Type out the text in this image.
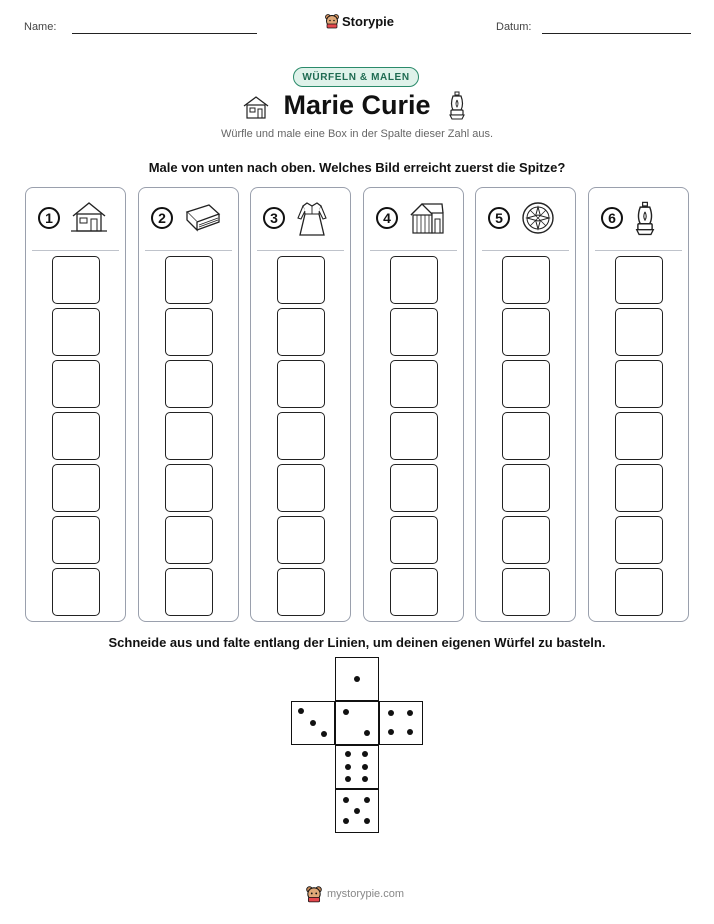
Name:	Storypie	Datum:
WÜRFELN & MALEN
Marie Curie
Würfle und male eine Box in der Spalte dieser Zahl aus.
Male von unten nach oben. Welches Bild erreicht zuerst die Spitze?
1	2	3	4	5	6
Schneide aus und falte entlang der Linien, um deinen eigenen Würfel zu basteln.
mystorypie.com
